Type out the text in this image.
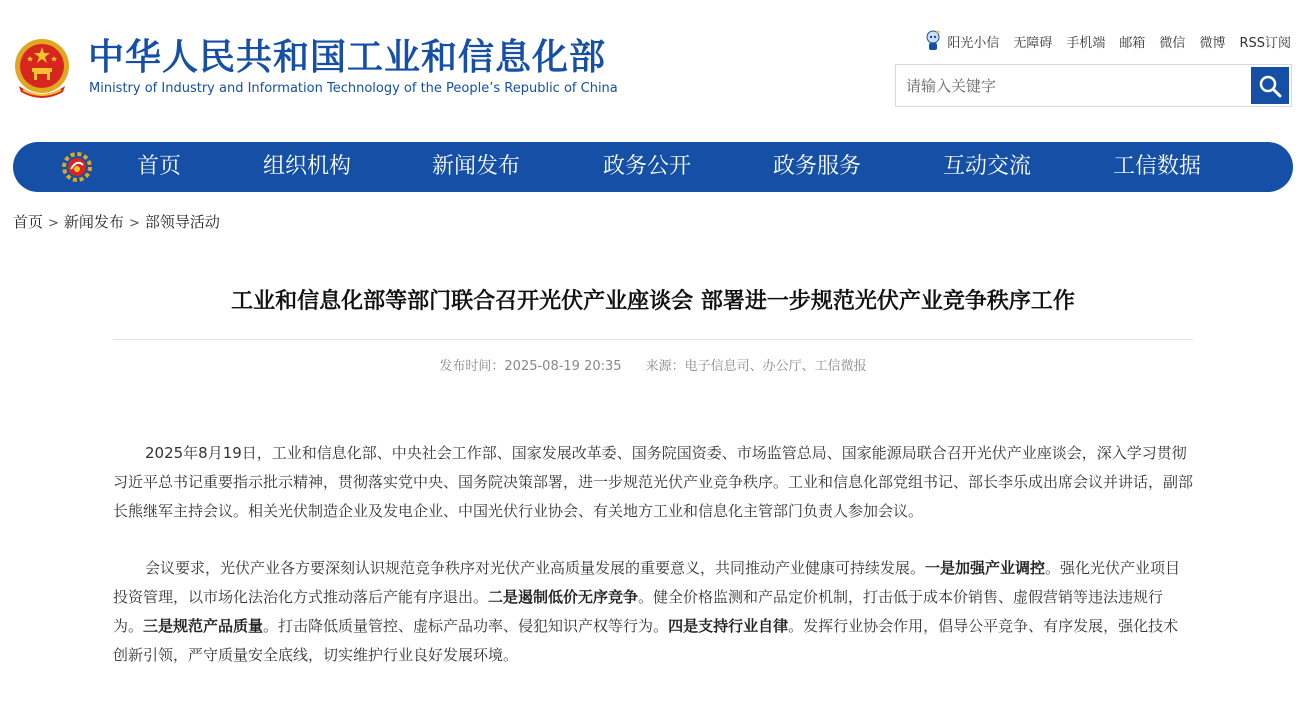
中华人民共和国工业和信息化部
Ministry of Industry and Information Technology of the People’s Republic of China
阳光小信 无障碍 手机端 邮箱 微信 微博 RSS订阅
请输入关键字
首页	组织机构	新闻发布	政务公开	政务服务	互动交流	工信数据
首页 > 新闻发布 > 部领导活动
工业和信息化部等部门联合召开光伏产业座谈会 部署进一步规范光伏产业竞争秩序工作
发布时间：2025-08-19 20:35 来源：电子信息司、办公厅、工信微报

2025年8月19日，工业和信息化部、中央社会工作部、国家发展改革委、国务院国资委、市场监管总局、国家能源局联合召开光伏产业座谈会，深入学习贯彻习近平总书记重要指示批示精神，贯彻落实党中央、国务院决策部署，进一步规范光伏产业竞争秩序。工业和信息化部党组书记、部长李乐成出席会议并讲话，副部长熊继军主持会议。相关光伏制造企业及发电企业、中国光伏行业协会、有关地方工业和信息化主管部门负责人参加会议。

会议要求，光伏产业各方要深刻认识规范竞争秩序对光伏产业高质量发展的重要意义，共同推动产业健康可持续发展。一是加强产业调控。强化光伏产业项目投资管理，以市场化法治化方式推动落后产能有序退出。二是遏制低价无序竞争。健全价格监测和产品定价机制，打击低于成本价销售、虚假营销等违法违规行为。三是规范产品质量。打击降低质量管控、虚标产品功率、侵犯知识产权等行为。四是支持行业自律。发挥行业协会作用，倡导公平竞争、有序发展，强化技术创新引领，严守质量安全底线，切实维护行业良好发展环境。
